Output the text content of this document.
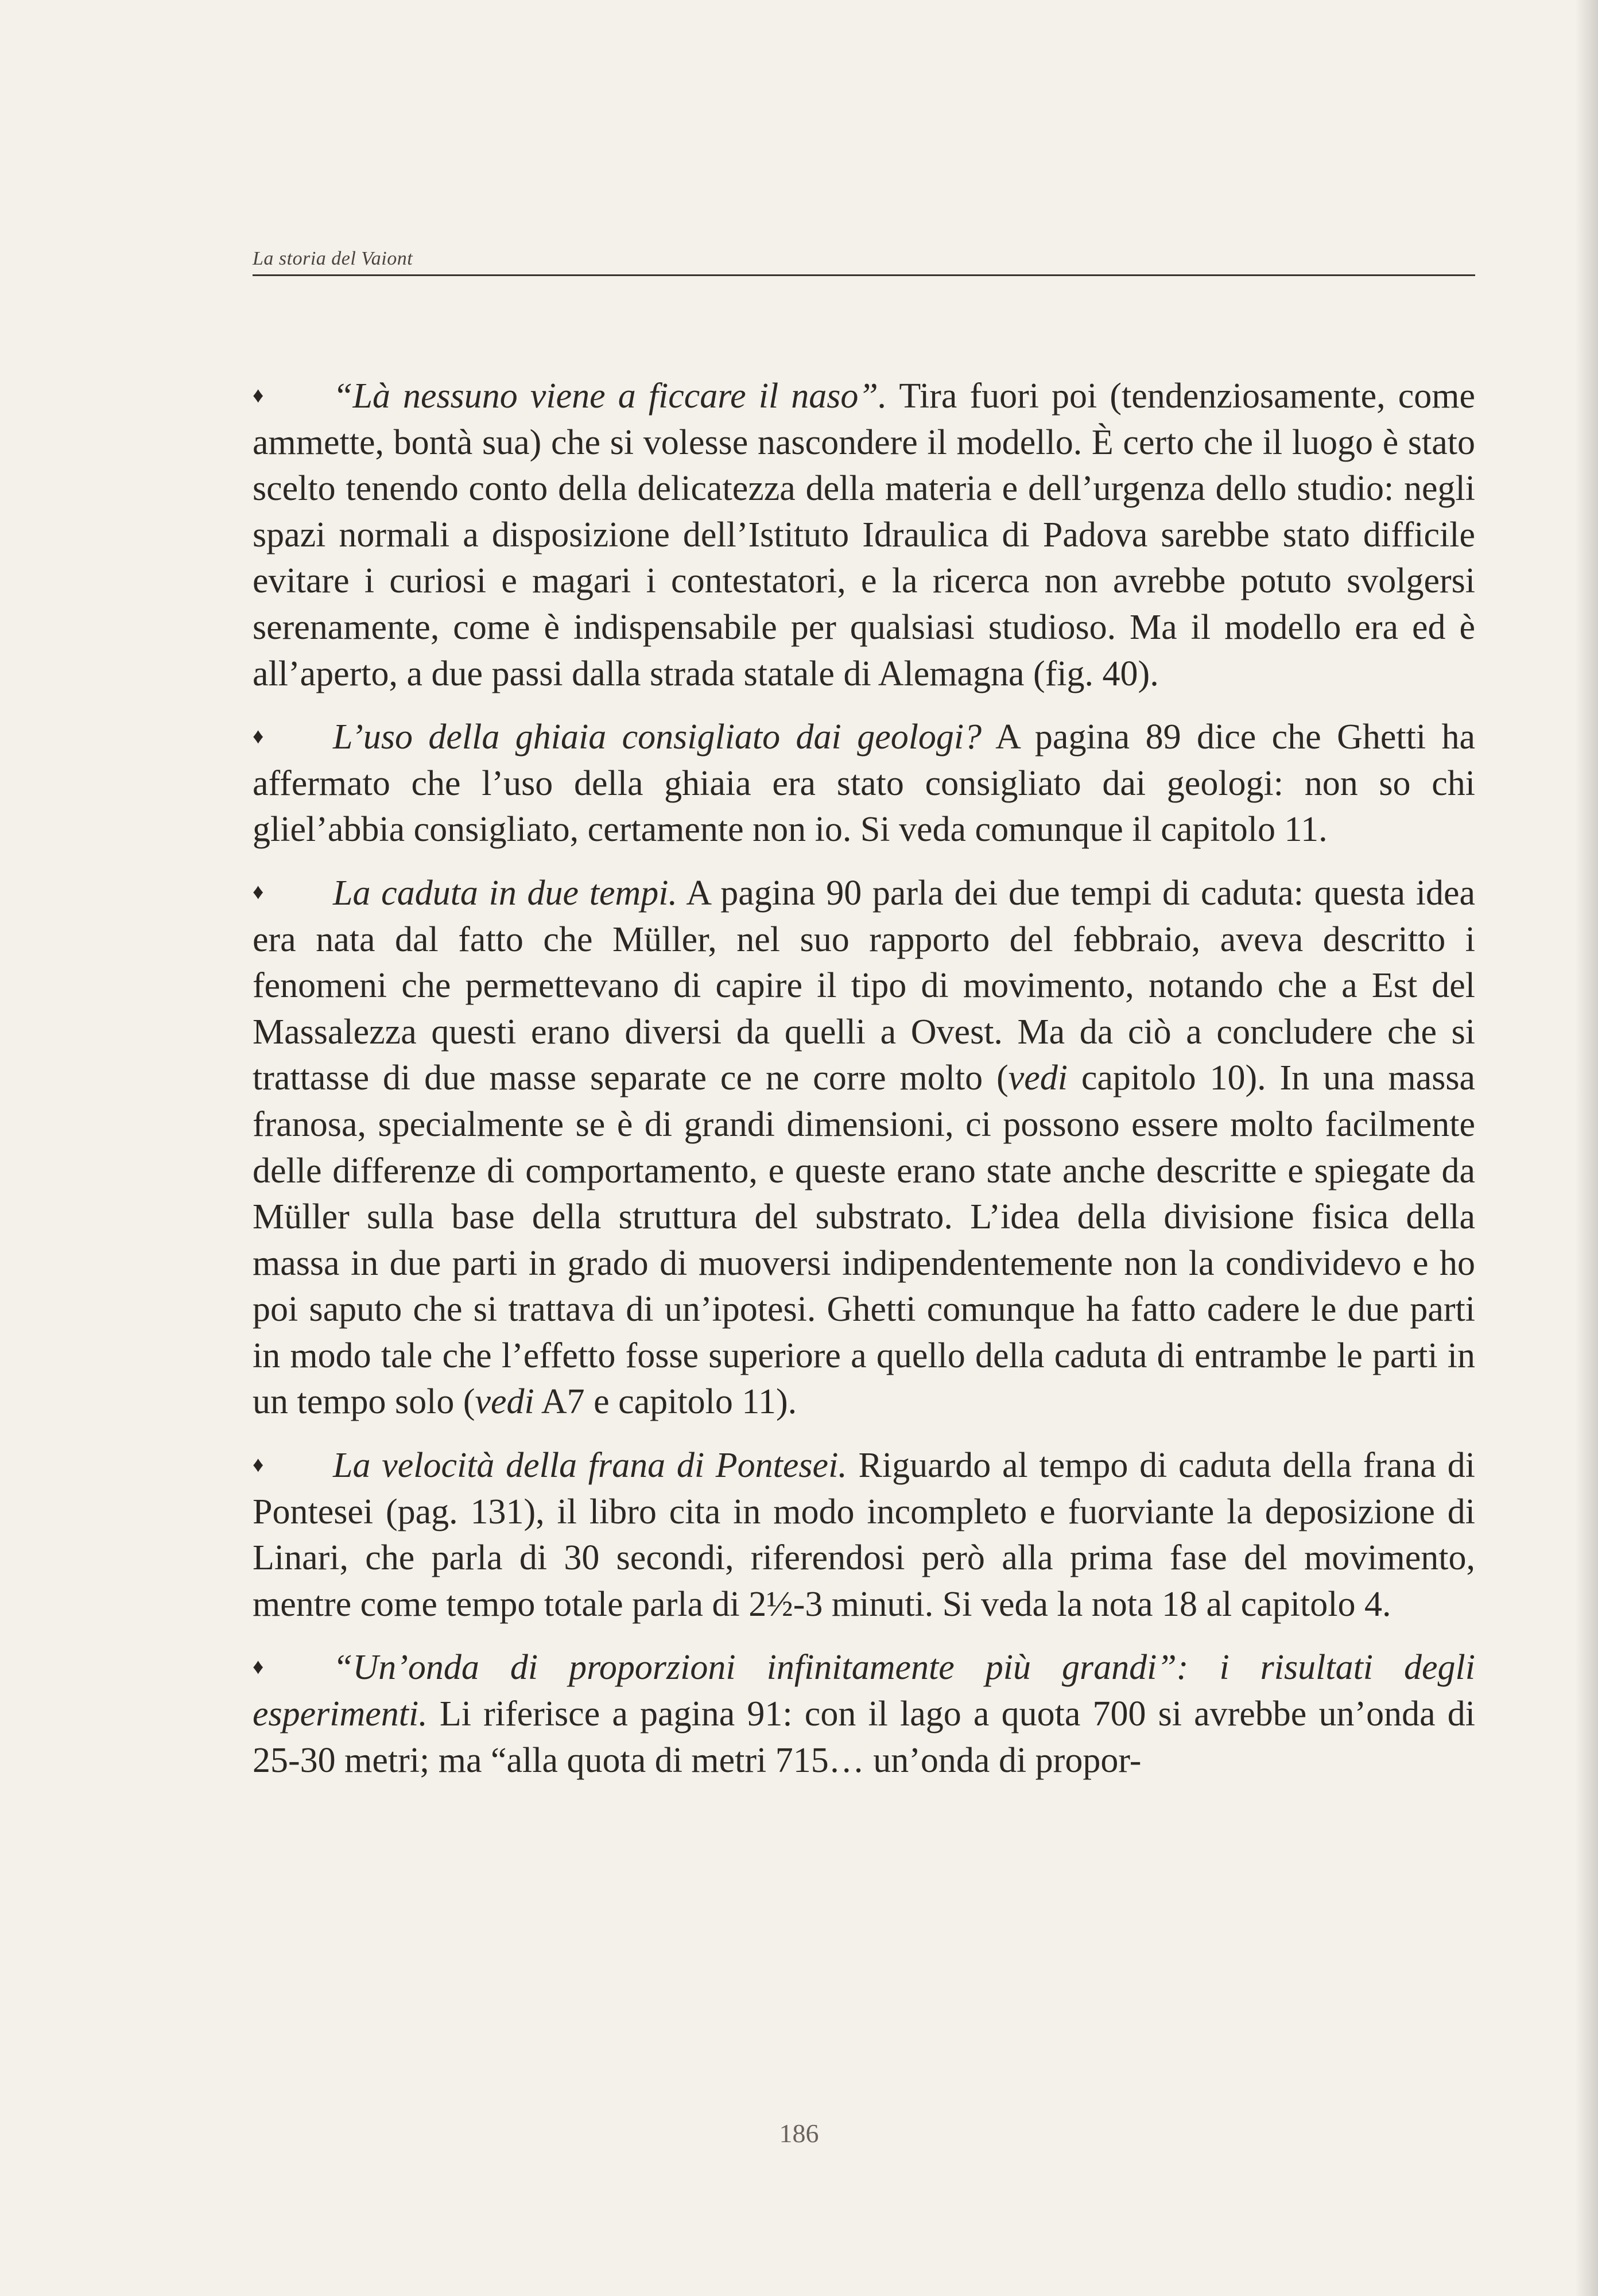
La storia del Vaiont

♦ “Là nessuno viene a ficcare il naso”. Tira fuori poi (tendenziosamente, come ammette, bontà sua) che si volesse nascondere il modello. È certo che il luogo è stato scelto tenendo conto della delicatezza della materia e dell’urgenza dello studio: negli spazi normali a disposizione dell’Istituto Idraulica di Padova sarebbe stato difficile evitare i curiosi e magari i contestatori, e la ricerca non avrebbe potuto svolgersi serenamente, come è indispensabile per qualsiasi studioso. Ma il modello era ed è all’aperto, a due passi dalla strada statale di Alemagna (fig. 40).

♦ L’uso della ghiaia consigliato dai geologi? A pagina 89 dice che Ghetti ha affermato che l’uso della ghiaia era stato consigliato dai geologi: non so chi gliel’abbia consigliato, certamente non io. Si veda comunque il capitolo 11.

♦ La caduta in due tempi. A pagina 90 parla dei due tempi di caduta: questa idea era nata dal fatto che Müller, nel suo rapporto del febbraio, aveva descritto i fenomeni che permettevano di capire il tipo di movimento, notando che a Est del Massalezza questi erano diversi da quelli a Ovest. Ma da ciò a concludere che si trattasse di due masse separate ce ne corre molto (vedi capitolo 10). In una massa franosa, specialmente se è di grandi dimensioni, ci possono essere molto facilmente delle differenze di comportamento, e queste erano state anche descritte e spiegate da Müller sulla base della struttura del substrato. L’idea della divisione fisica della massa in due parti in grado di muoversi indipendentemente non la condividevo e ho poi saputo che si trattava di un’ipotesi. Ghetti comunque ha fatto cadere le due parti in modo tale che l’effetto fosse superiore a quello della caduta di entrambe le parti in un tempo solo (vedi A7 e capitolo 11).

♦ La velocità della frana di Pontesei. Riguardo al tempo di caduta della frana di Pontesei (pag. 131), il libro cita in modo incompleto e fuorviante la deposizione di Linari, che parla di 30 secondi, riferendosi però alla prima fase del movimento, mentre come tempo totale parla di 2½-3 minuti. Si veda la nota 18 al capitolo 4.

♦ “Un’onda di proporzioni infinitamente più grandi”: i risultati degli esperimenti. Li riferisce a pagina 91: con il lago a quota 700 si avrebbe un’onda di 25-30 metri; ma “alla quota di metri 715… un’onda di propor-

186
